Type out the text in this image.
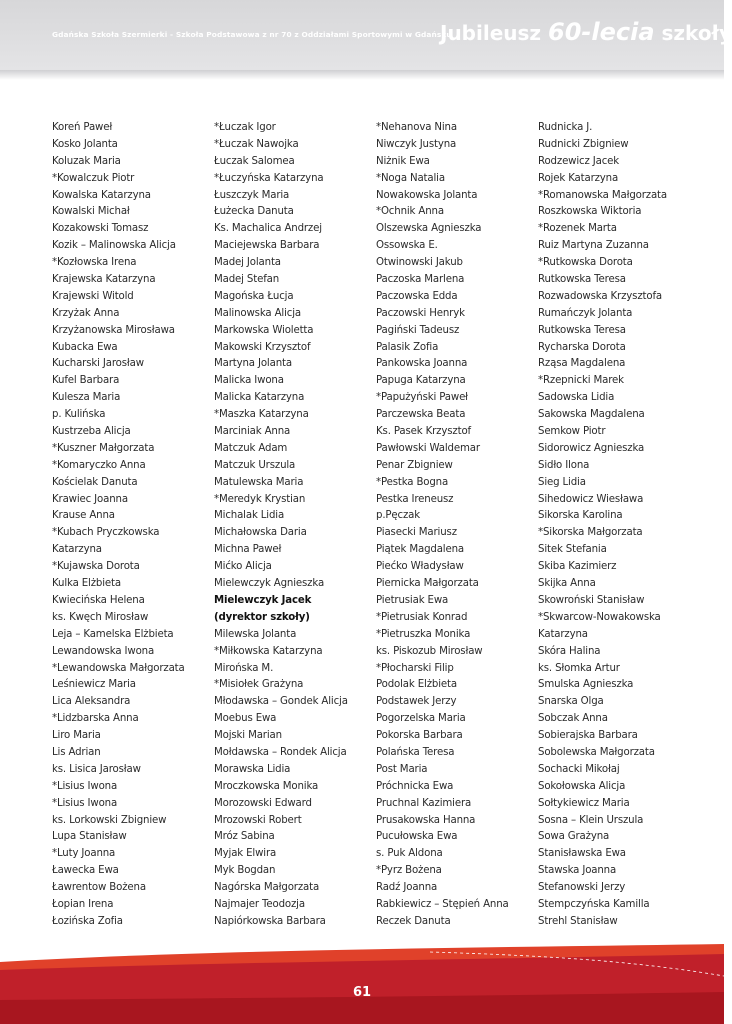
Gdańska Szkoła Szermierki - Szkoła Podstawowa z nr 70 z Oddziałami Sportowymi w Gdańsku
Jubileusz 60-lecia szkoły
Koreń Paweł
Kosko Jolanta
Koluzak Maria
*Kowalczuk Piotr
Kowalska Katarzyna
Kowalski Michał
Kozakowski Tomasz
Kozik – Malinowska Alicja
*Kozłowska Irena
Krajewska Katarzyna
Krajewski Witold
Krzyżak Anna
Krzyżanowska Mirosława
Kubacka Ewa
Kucharski Jarosław
Kufel Barbara
Kulesza Maria
p. Kulińska
Kustrzeba Alicja
*Kuszner Małgorzata
*Komaryczko Anna
Kościelak Danuta
Krawiec Joanna
Krause Anna
*Kubach Pryczkowska
Katarzyna
*Kujawska Dorota
Kulka Elżbieta
Kwiecińska Helena
ks. Kwęch Mirosław
Leja – Kamelska Elżbieta
Lewandowska Iwona
*Lewandowska Małgorzata
Leśniewicz Maria
Lica Aleksandra
*Lidzbarska Anna
Liro Maria
Lis Adrian
ks. Lisica Jarosław
*Lisius Iwona
*Lisius Iwona
ks. Lorkowski Zbigniew
Lupa Stanisław
*Luty Joanna
Ławecka Ewa
Ławrentow Bożena
Łopian Irena
Łozińska Zofia
*Łuczak Igor
*Łuczak Nawojka
Łuczak Salomea
*Łuczyńska Katarzyna
Łuszczyk Maria
Łużecka Danuta
Ks. Machalica Andrzej
Maciejewska Barbara
Madej Jolanta
Madej Stefan
Magońska Łucja
Malinowska Alicja
Markowska Wioletta
Makowski Krzysztof
Martyna Jolanta
Malicka Iwona
Malicka Katarzyna
*Maszka Katarzyna
Marciniak Anna
Matczuk Adam
Matczuk Urszula
Matulewska Maria
*Meredyk Krystian
Michalak Lidia
Michałowska Daria
Michna Paweł
Mićko Alicja
Mielewczyk Agnieszka
Mielewczyk Jacek
(dyrektor szkoły)
Milewska Jolanta
*Miłkowska Katarzyna
Mirońska M.
*Misiołek Grażyna
Młodawska – Gondek Alicja
Moebus Ewa
Mojski Marian
Mołdawska – Rondek Alicja
Morawska Lidia
Mroczkowska Monika
Morozowski Edward
Mrozowski Robert
Mróz Sabina
Myjak Elwira
Myk Bogdan
Nagórska Małgorzata
Najmajer Teodozja
Napiórkowska Barbara
*Nehanova Nina
Niwczyk Justyna
Niżnik Ewa
*Noga Natalia
Nowakowska Jolanta
*Ochnik Anna
Olszewska Agnieszka
Ossowska E.
Otwinowski Jakub
Paczoska Marlena
Paczowska Edda
Paczowski Henryk
Pagiński Tadeusz
Palasik Zofia
Pankowska Joanna
Papuga Katarzyna
*Papużyński Paweł
Parczewska Beata
Ks. Pasek Krzysztof
Pawłowski Waldemar
Penar Zbigniew
*Pestka Bogna
Pestka Ireneusz
p.Pęczak
Piasecki Mariusz
Piątek Magdalena
Piećko Władysław
Piernicka Małgorzata
Pietrusiak Ewa
*Pietrusiak Konrad
*Pietruszka Monika
ks. Piskozub Mirosław
*Płocharski Filip
Podolak Elżbieta
Podstawek Jerzy
Pogorzelska Maria
Pokorska Barbara
Polańska Teresa
Post Maria
Próchnicka Ewa
Pruchnal Kazimiera
Prusakowska Hanna
Pucułowska Ewa
s. Puk Aldona
*Pyrz Bożena
Radź Joanna
Rabkiewicz – Stępień Anna
Reczek Danuta
Rudnicka J.
Rudnicki Zbigniew
Rodzewicz Jacek
Rojek Katarzyna
*Romanowska Małgorzata
Roszkowska Wiktoria
*Rozenek Marta
Ruiz Martyna Zuzanna
*Rutkowska Dorota
Rutkowska Teresa
Rozwadowska Krzysztofa
Rumańczyk Jolanta
Rutkowska Teresa
Rycharska Dorota
Rząsa Magdalena
*Rzepnicki Marek
Sadowska Lidia
Sakowska Magdalena
Semkow Piotr
Sidorowicz Agnieszka
Sidło Ilona
Sieg Lidia
Sihedowicz Wiesława
Sikorska Karolina
*Sikorska Małgorzata
Sitek Stefania
Skiba Kazimierz
Skijka Anna
Skowroński Stanisław
*Skwarcow-Nowakowska
Katarzyna
Skóra Halina
ks. Słomka Artur
Smulska Agnieszka
Snarska Olga
Sobczak Anna
Sobierajska Barbara
Sobolewska Małgorzata
Sochacki Mikołaj
Sokołowska Alicja
Sołtykiewicz Maria
Sosna – Klein Urszula
Sowa Grażyna
Stanisławska Ewa
Stawska Joanna
Stefanowski Jerzy
Stempczyńska Kamilla
Strehl Stanisław
61
